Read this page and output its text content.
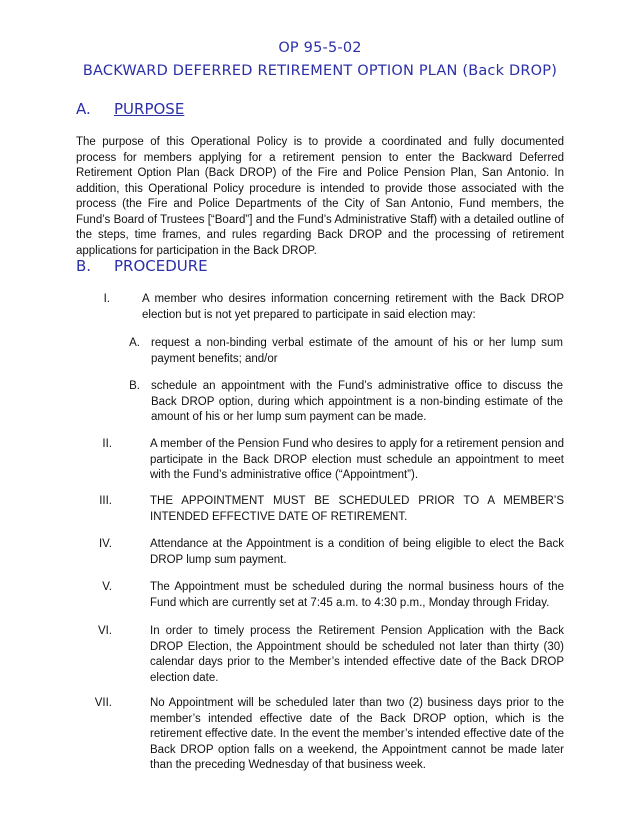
OP 95-5-02
BACKWARD DEFERRED RETIREMENT OPTION PLAN (Back DROP)
A. PURPOSE
The purpose of this Operational Policy is to provide a coordinated and fully documented process for members applying for a retirement pension to enter the Backward Deferred Retirement Option Plan (Back DROP) of the Fire and Police Pension Plan, San Antonio. In addition, this Operational Policy procedure is intended to provide those associated with the process (the Fire and Police Departments of the City of San Antonio, Fund members, the Fund’s Board of Trustees [“Board”] and the Fund’s Administrative Staff) with a detailed outline of the steps, time frames, and rules regarding Back DROP and the processing of retirement applications for participation in the Back DROP.
B. PROCEDURE
I.	A member who desires information concerning retirement with the Back DROP election but is not yet prepared to participate in said election may:
A. request a non-binding verbal estimate of the amount of his or her lump sum payment benefits; and/or
B. schedule an appointment with the Fund’s administrative office to discuss the Back DROP option, during which appointment is a non-binding estimate of the amount of his or her lump sum payment can be made.
II.	A member of the Pension Fund who desires to apply for a retirement pension and participate in the Back DROP election must schedule an appointment to meet with the Fund’s administrative office (“Appointment”).
III.	THE APPOINTMENT MUST BE SCHEDULED PRIOR TO A MEMBER’S INTENDED EFFECTIVE DATE OF RETIREMENT.
IV.	Attendance at the Appointment is a condition of being eligible to elect the Back DROP lump sum payment.
V.	The Appointment must be scheduled during the normal business hours of the Fund which are currently set at 7:45 a.m. to 4:30 p.m., Monday through Friday.
VI.	In order to timely process the Retirement Pension Application with the Back DROP Election, the Appointment should be scheduled not later than thirty (30) calendar days prior to the Member’s intended effective date of the Back DROP election date.
VII.	No Appointment will be scheduled later than two (2) business days prior to the member’s intended effective date of the Back DROP option, which is the retirement effective date. In the event the member’s intended effective date of the Back DROP option falls on a weekend, the Appointment cannot be made later than the preceding Wednesday of that business week.
